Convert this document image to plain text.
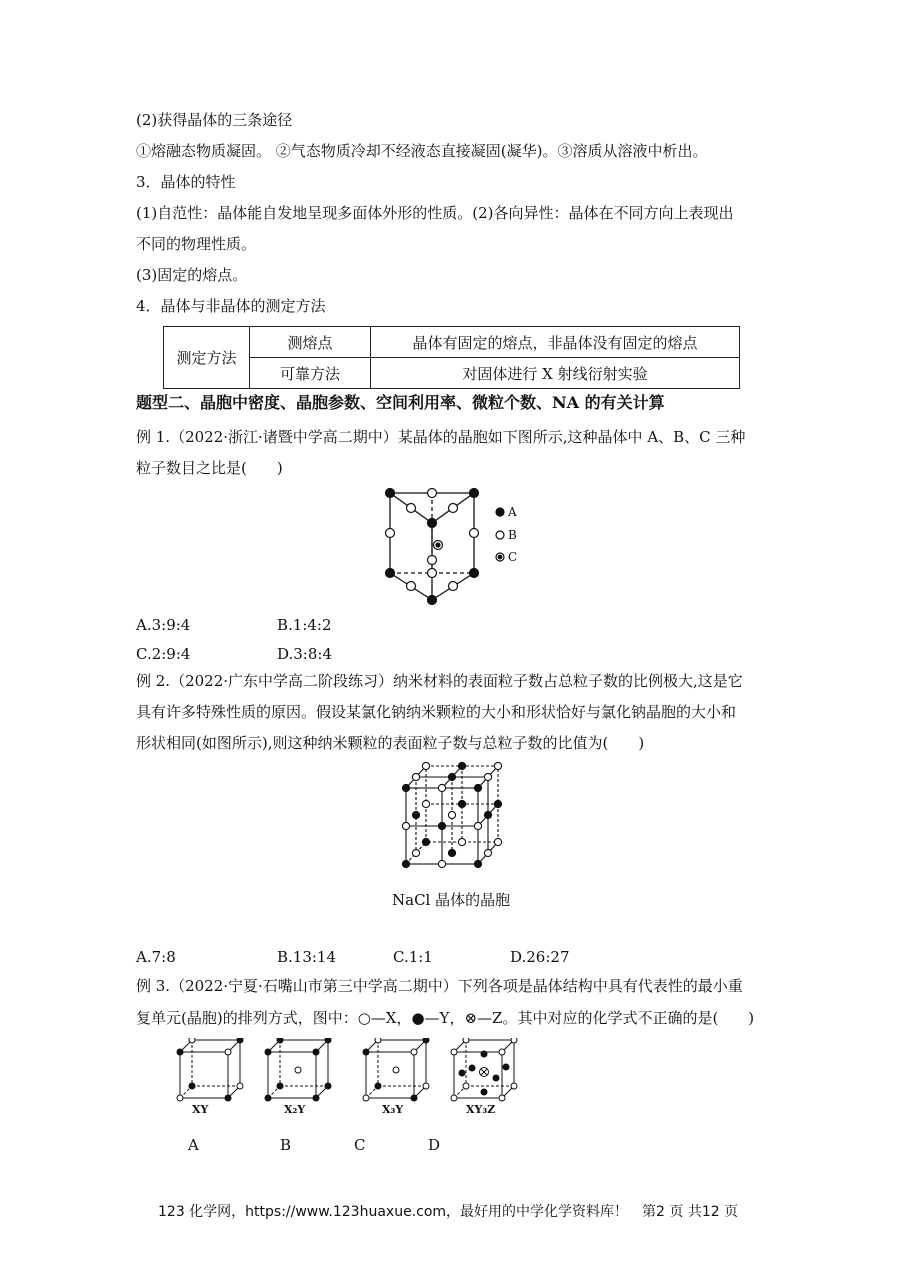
(2)获得晶体的三条途径
①熔融态物质凝固。 ②气态物质冷却不经液态直接凝固(凝华)。③溶质从溶液中析出。
3．晶体的特性
(1)自范性：晶体能自发地呈现多面体外形的性质。(2)各向异性：晶体在不同方向上表现出
不同的物理性质。
(3)固定的熔点。
4．晶体与非晶体的测定方法
测定方法	测熔点	晶体有固定的熔点，非晶体没有固定的熔点
	可靠方法	对固体进行 X 射线衍射实验
题型二、晶胞中密度、晶胞参数、空间利用率、微粒个数、NA 的有关计算
例 1.（2022·浙江·诸暨中学高二期中）某晶体的晶胞如下图所示,这种晶体中 A、B、C 三种
粒子数目之比是(　　)
A
B
C
A.3:9:4	B.1:4:2
C.2:9:4	D.3:8:4
例 2.（2022·广东中学高二阶段练习）纳米材料的表面粒子数占总粒子数的比例极大,这是它
具有许多特殊性质的原因。假设某氯化钠纳米颗粒的大小和形状恰好与氯化钠晶胞的大小和
形状相同(如图所示),则这种纳米颗粒的表面粒子数与总粒子数的比值为(　　)
NaCl 晶体的晶胞
A.7:8	B.13:14	C.1:1	D.26:27
例 3.（2022·宁夏·石嘴山市第三中学高二期中）下列各项是晶体结构中具有代表性的最小重
复单元(晶胞)的排列方式，图中：○—X，●—Y，⊗—Z。其中对应的化学式不正确的是(　　)
XY	X₂Y	X₃Y	XY₃Z
A	B	C	D
123 化学网，https://www.123huaxue.com，最好用的中学化学资料库！　第2 页 共12 页
